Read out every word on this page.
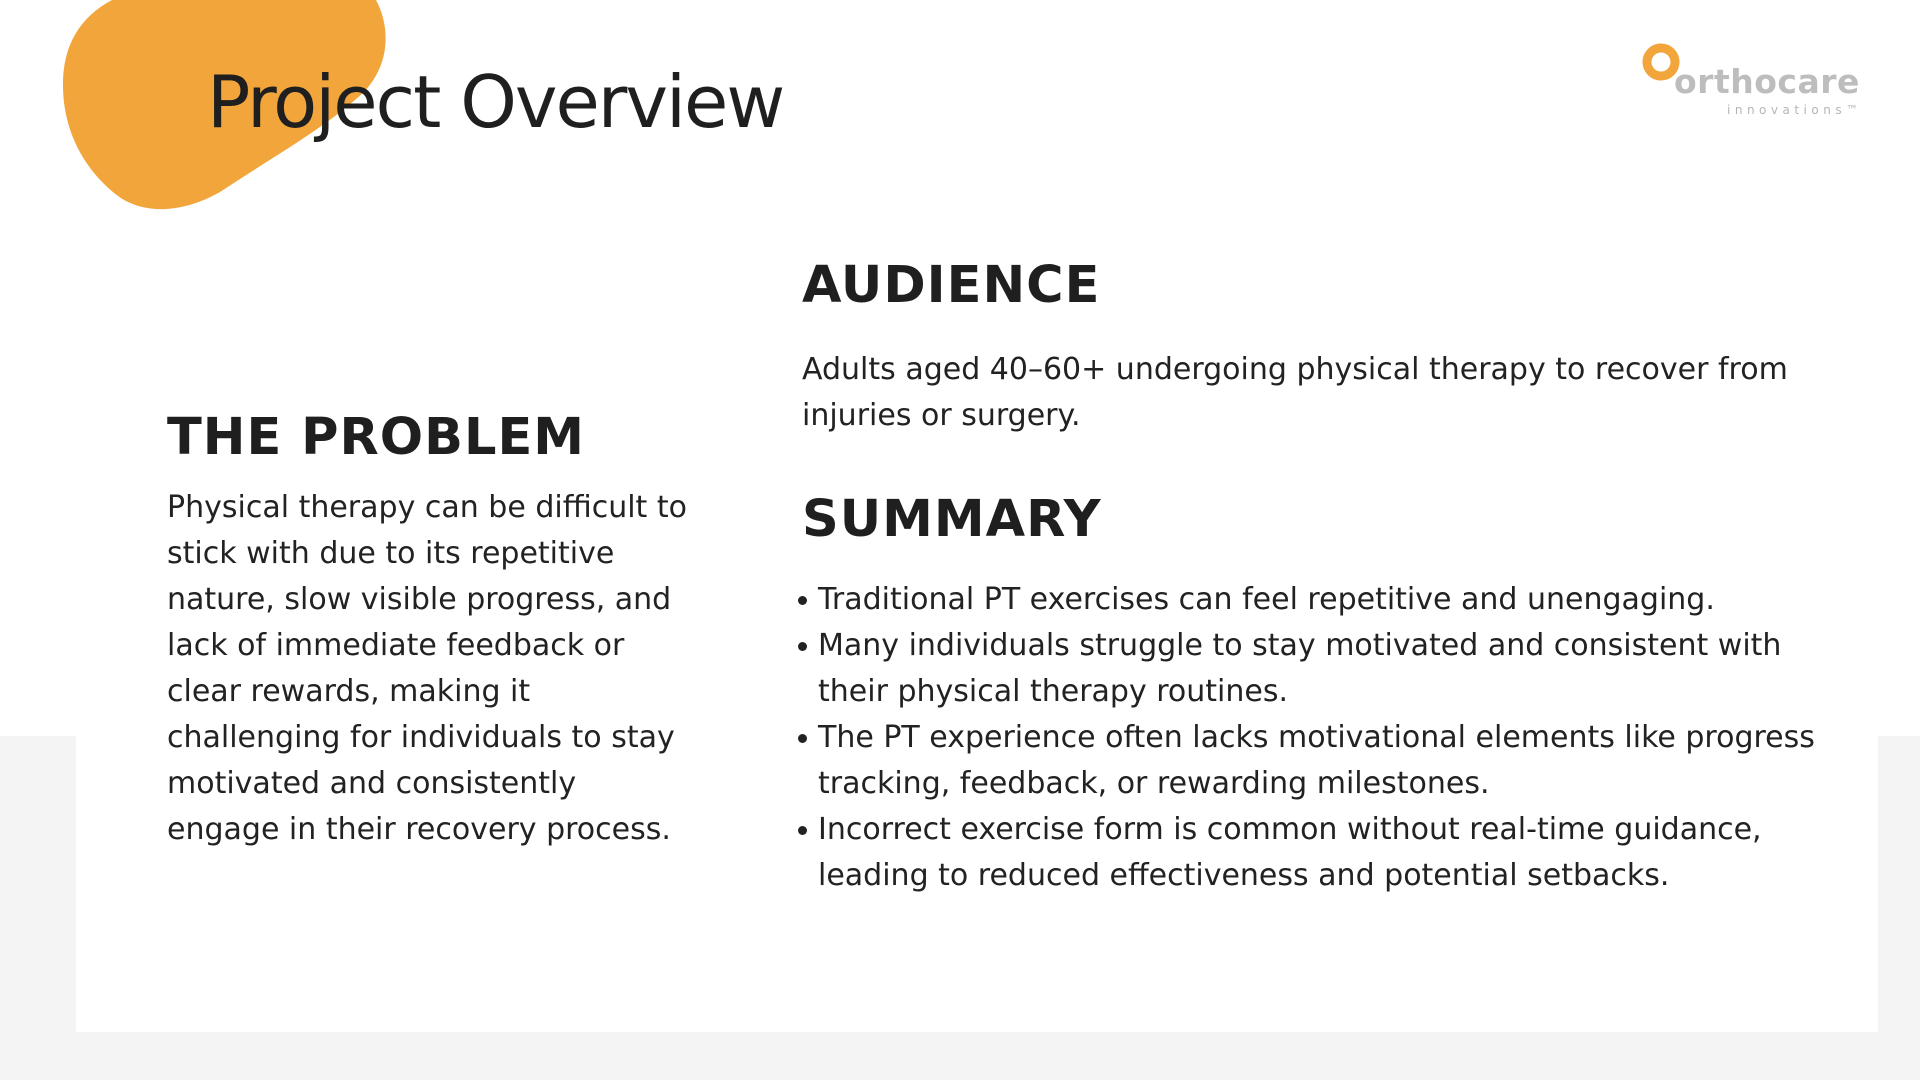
Project Overview	orthocare
innovations™
THE PROBLEM

Physical therapy can be difficult to stick with due to its repetitive nature, slow visible progress, and lack of immediate feedback or clear rewards, making it challenging for individuals to stay motivated and consistently engage in their recovery process.

AUDIENCE

Adults aged 40–60+ undergoing physical therapy to recover from injuries or surgery.

SUMMARY
Traditional PT exercises can feel repetitive and unengaging.
Many individuals struggle to stay motivated and consistent with their physical therapy routines.
The PT experience often lacks motivational elements like progress tracking, feedback, or rewarding milestones.
Incorrect exercise form is common without real-time guidance, leading to reduced effectiveness and potential setbacks.
